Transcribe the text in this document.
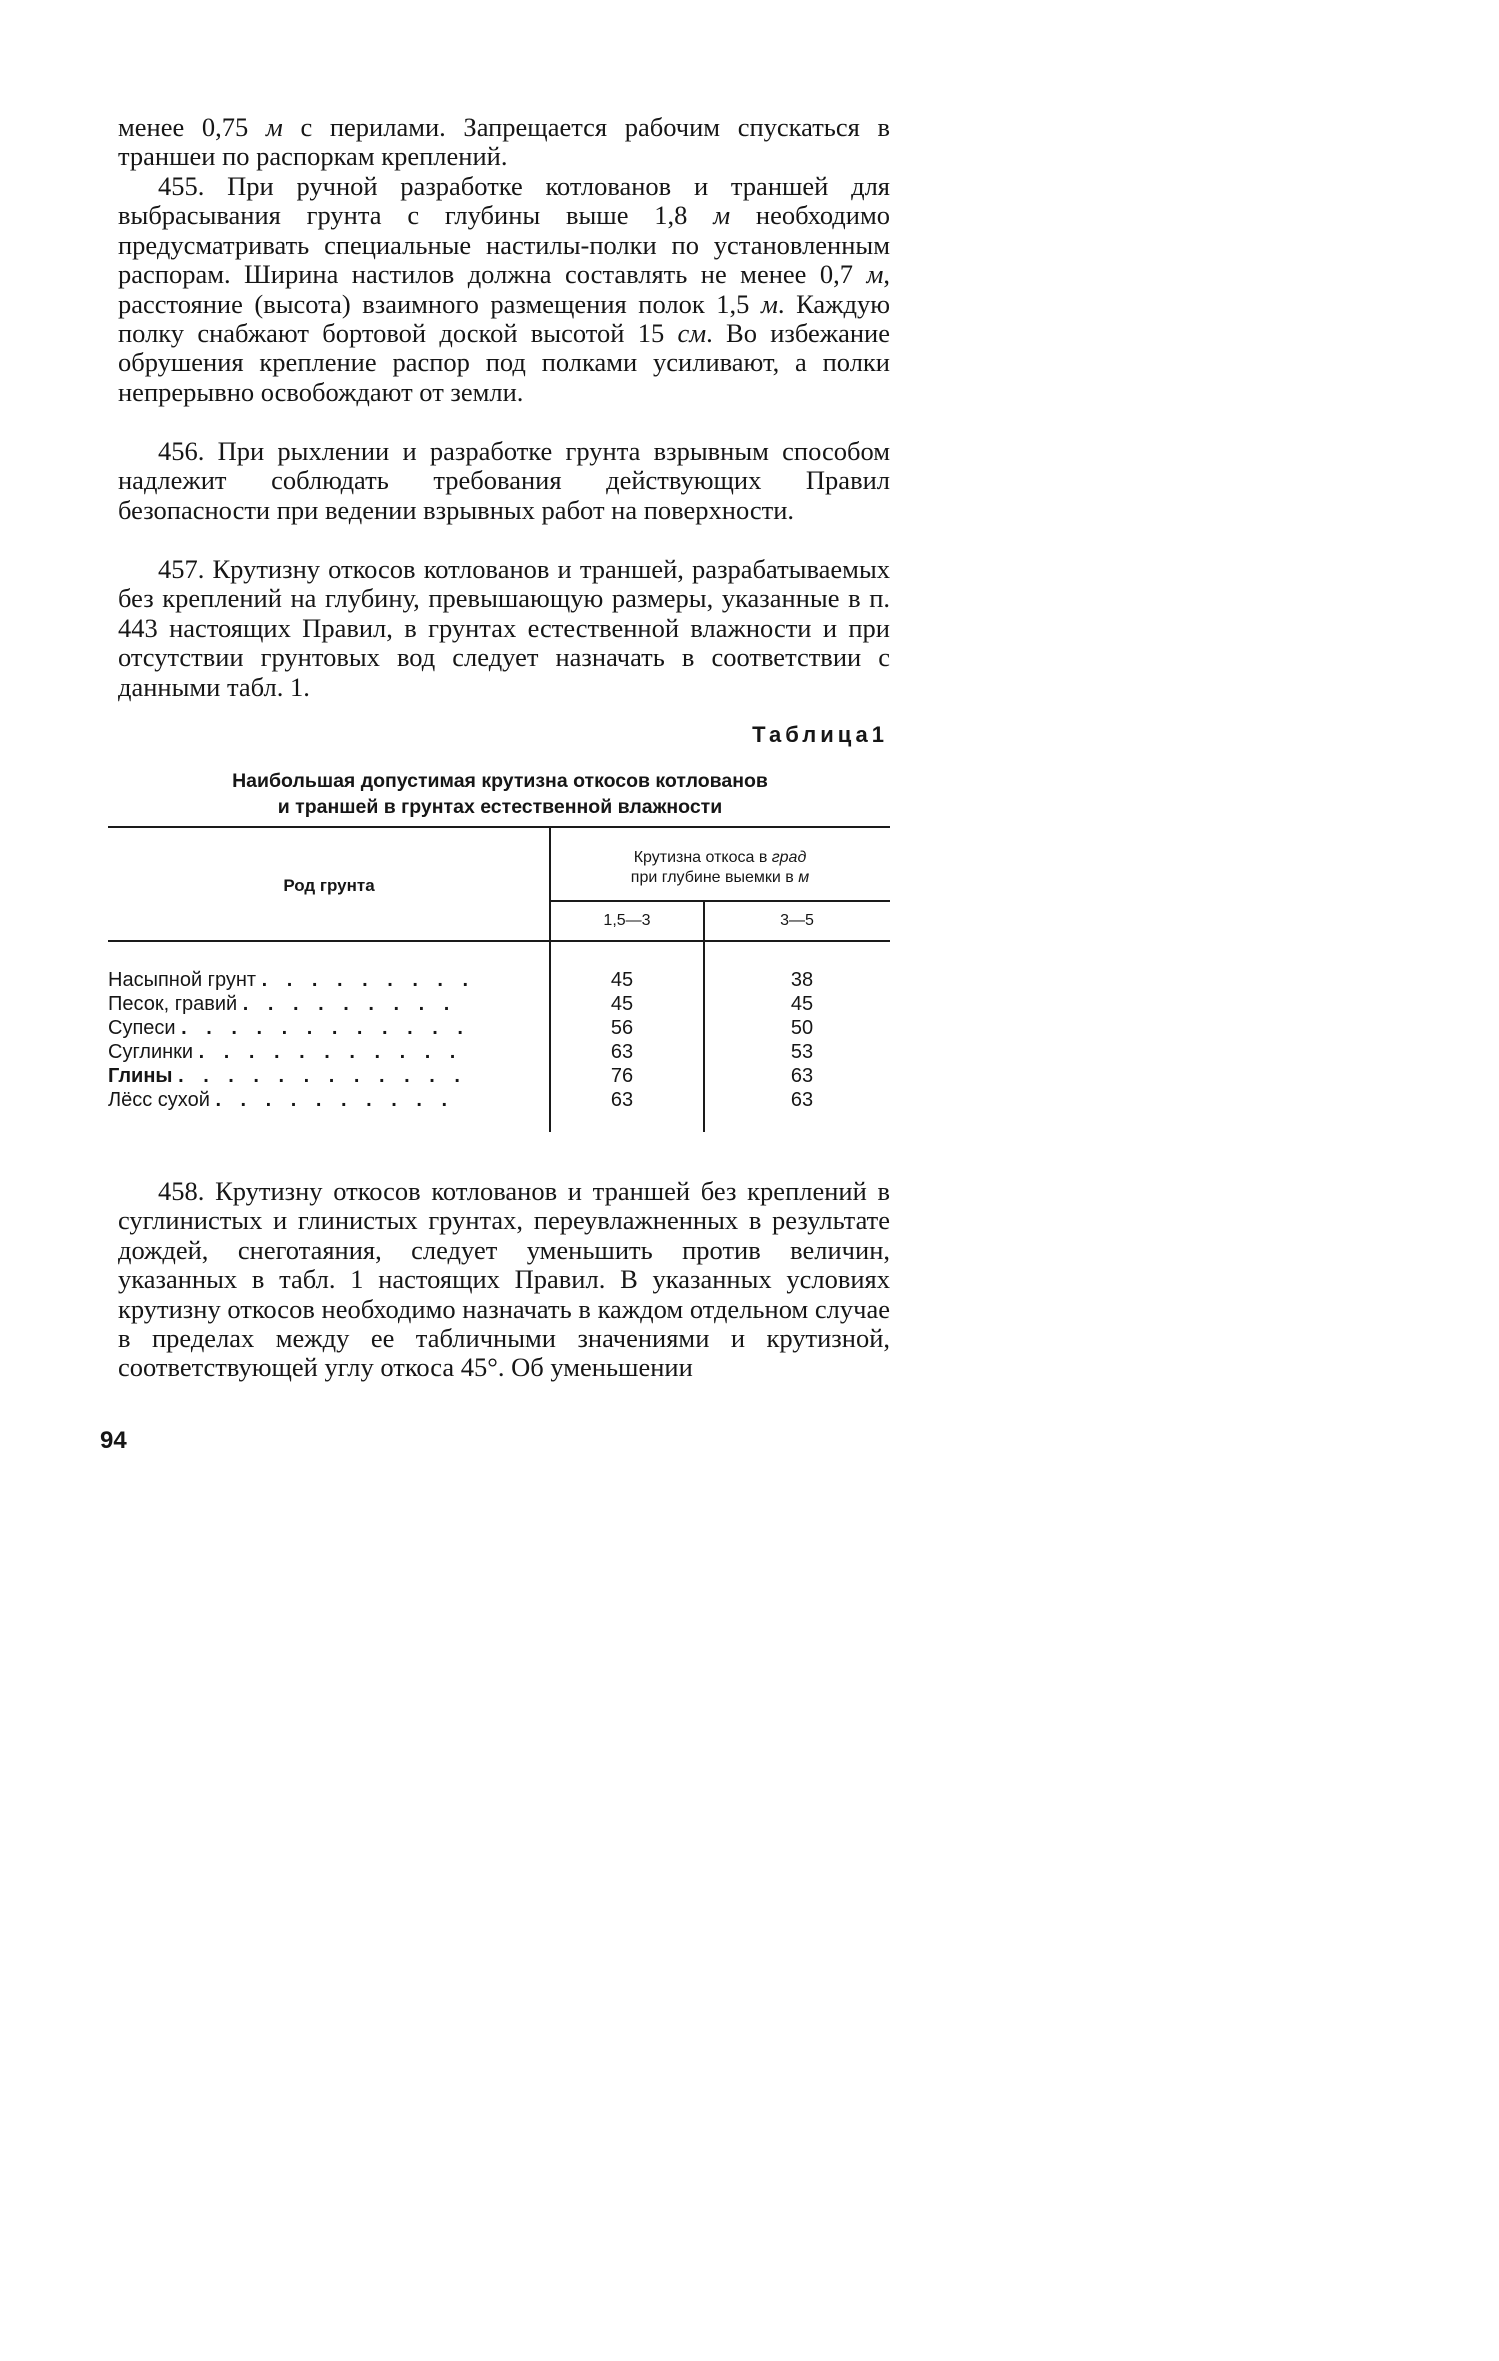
менее 0,75 м с перилами. Запрещается рабочим спускаться в траншеи по распоркам креплений.

455. При ручной разработке котлованов и траншей для выбрасывания грунта с глубины выше 1,8 м необходимо предусматривать специальные настилы-полки по установленным распорам. Ширина настилов должна составлять не менее 0,7 м, расстояние (высота) взаимного размещения полок 1,5 м. Каждую полку снабжают бортовой доской высотой 15 см. Во избежание обрушения крепление распор под полками усиливают, а полки непрерывно освобождают от земли.

456. При рыхлении и разработке грунта взрывным способом надлежит соблюдать требования действующих Правил безопасности при ведении взрывных работ на поверхности.

457. Крутизну откосов котлованов и траншей, разрабатываемых без креплений на глубину, превышающую размеры, указанные в п. 443 настоящих Правил, в грунтах естественной влажности и при отсутствии грунтовых вод следует назначать в соответствии с данными табл. 1.

Таблица1

Наибольшая допустимая крутизна откосов котлованов
и траншей в грунтах естественной влажности

Род грунта
Крутизна откоса в град
при глубине выемки в м
1,5—3	3—5
Насыпной грунт . . . . . . . . .	45	38
Песок, гравий . . . . . . . . .	45	45
Супеси . . . . . . . . . . . .	56	50
Суглинки . . . . . . . . . . .	63	53
Глины . . . . . . . . . . . .	76	63
Лёсс сухой . . . . . . . . . .	63	63

458. Крутизну откосов котлованов и траншей без креплений в суглинистых и глинистых грунтах, переувлажненных в результате дождей, снеготаяния, следует уменьшить против величин, указанных в табл. 1 настоящих Правил. В указанных условиях крутизну откосов необходимо назначать в каждом отдельном случае в пределах между ее табличными значениями и крутизной, соответствующей углу откоса 45°. Об уменьшении

94
